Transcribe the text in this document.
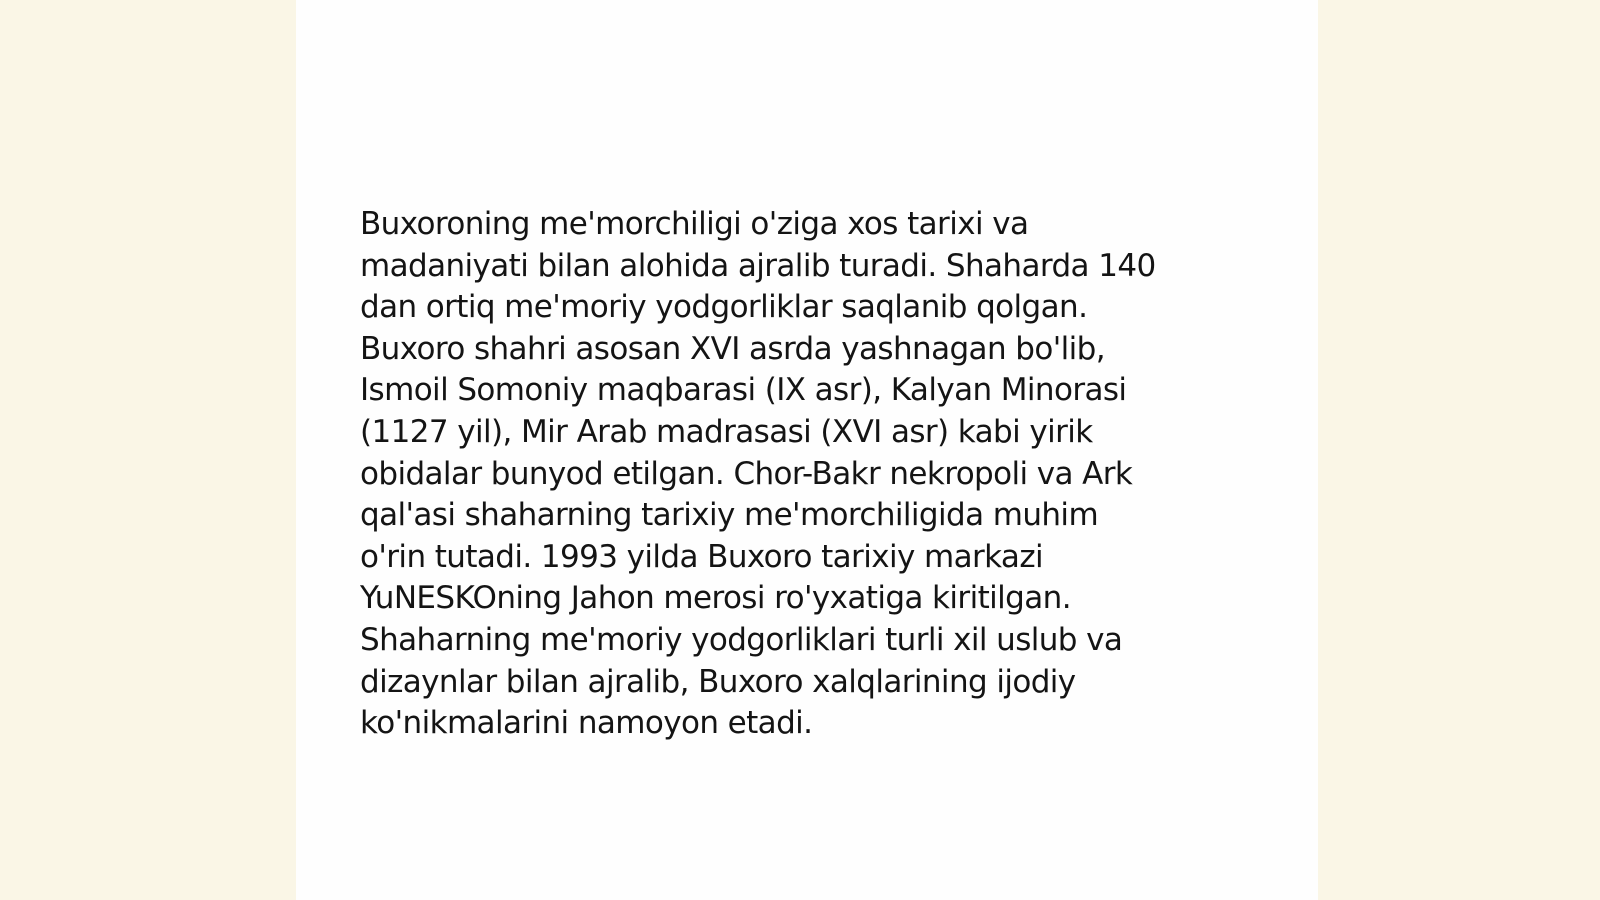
Buxoroning me'morchiligi o'ziga xos tarixi va
madaniyati bilan alohida ajralib turadi. Shaharda 140
dan ortiq me'moriy yodgorliklar saqlanib qolgan.
Buxoro shahri asosan XVI asrda yashnagan bo'lib,
Ismoil Somoniy maqbarasi (IX asr), Kalyan Minorasi
(1127 yil), Mir Arab madrasasi (XVI asr) kabi yirik
obidalar bunyod etilgan. Chor-Bakr nekropoli va Ark
qal'asi shaharning tarixiy me'morchiligida muhim
o'rin tutadi. 1993 yilda Buxoro tarixiy markazi
YuNESKOning Jahon merosi ro'yxatiga kiritilgan.
Shaharning me'moriy yodgorliklari turli xil uslub va
dizaynlar bilan ajralib, Buxoro xalqlarining ijodiy
ko'nikmalarini namoyon etadi.
